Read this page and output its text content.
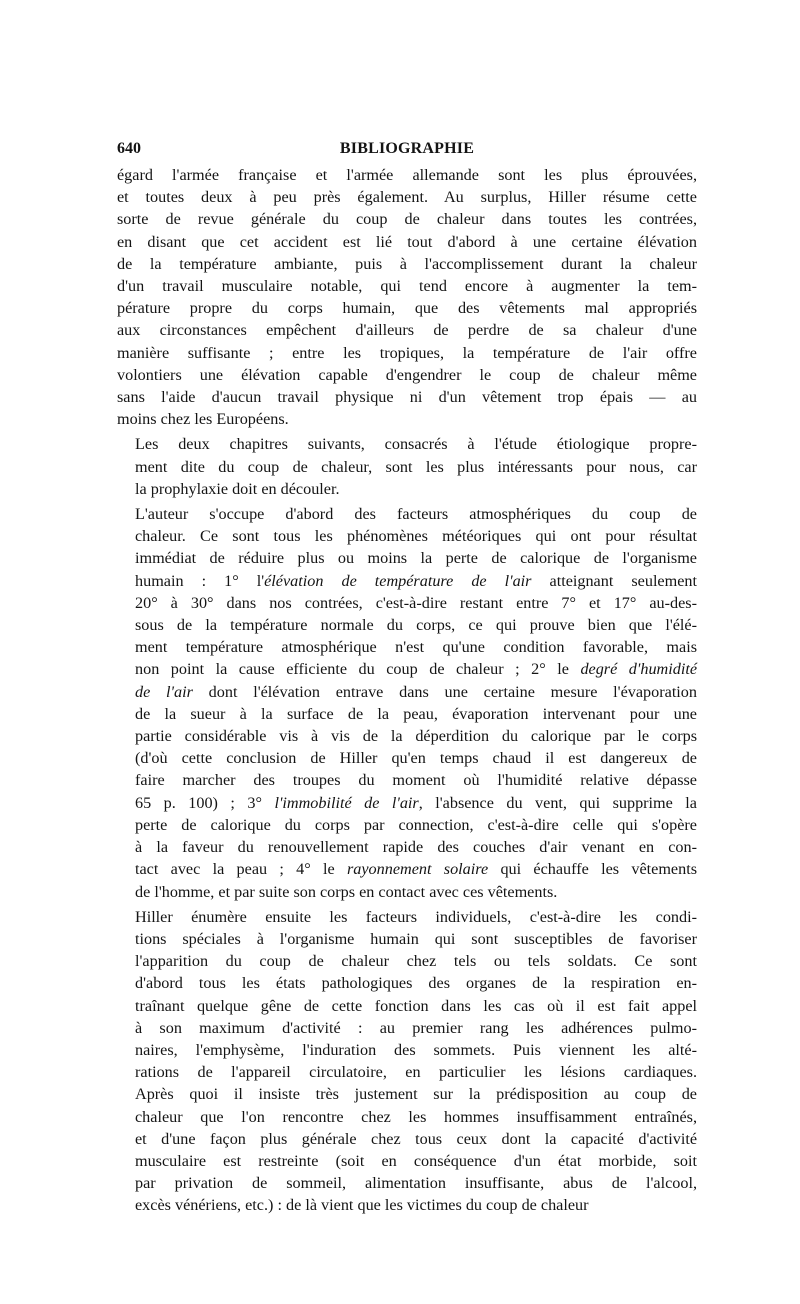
640	BIBLIOGRAPHIE

égard l'armée française et l'armée allemande sont les plus éprouvées,
et toutes deux à peu près également. Au surplus, Hiller résume cette
sorte de revue générale du coup de chaleur dans toutes les contrées,
en disant que cet accident est lié tout d'abord à une certaine élévation
de la température ambiante, puis à l'accomplissement durant la chaleur
d'un travail musculaire notable, qui tend encore à augmenter la tem-
pérature propre du corps humain, que des vêtements mal appropriés
aux circonstances empêchent d'ailleurs de perdre de sa chaleur d'une
manière suffisante ; entre les tropiques, la température de l'air offre
volontiers une élévation capable d'engendrer le coup de chaleur même
sans l'aide d'aucun travail physique ni d'un vêtement trop épais — au
moins chez les Européens.

Les deux chapitres suivants, consacrés à l'étude étiologique propre-
ment dite du coup de chaleur, sont les plus intéressants pour nous, car
la prophylaxie doit en découler.

L'auteur s'occupe d'abord des facteurs atmosphériques du coup de
chaleur. Ce sont tous les phénomènes météoriques qui ont pour résultat
immédiat de réduire plus ou moins la perte de calorique de l'organisme
humain : 1° l'élévation de température de l'air atteignant seulement
20° à 30° dans nos contrées, c'est-à-dire restant entre 7° et 17° au-des-
sous de la température normale du corps, ce qui prouve bien que l'élé-
ment température atmosphérique n'est qu'une condition favorable, mais
non point la cause efficiente du coup de chaleur ; 2° le degré d'humidité
de l'air dont l'élévation entrave dans une certaine mesure l'évaporation
de la sueur à la surface de la peau, évaporation intervenant pour une
partie considérable vis à vis de la déperdition du calorique par le corps
(d'où cette conclusion de Hiller qu'en temps chaud il est dangereux de
faire marcher des troupes du moment où l'humidité relative dépasse
65 p. 100) ; 3° l'immobilité de l'air, l'absence du vent, qui supprime la
perte de calorique du corps par connection, c'est-à-dire celle qui s'opère
à la faveur du renouvellement rapide des couches d'air venant en con-
tact avec la peau ; 4° le rayonnement solaire qui échauffe les vêtements
de l'homme, et par suite son corps en contact avec ces vêtements.

Hiller énumère ensuite les facteurs individuels, c'est-à-dire les condi-
tions spéciales à l'organisme humain qui sont susceptibles de favoriser
l'apparition du coup de chaleur chez tels ou tels soldats. Ce sont
d'abord tous les états pathologiques des organes de la respiration en-
traînant quelque gêne de cette fonction dans les cas où il est fait appel
à son maximum d'activité : au premier rang les adhérences pulmo-
naires, l'emphysème, l'induration des sommets. Puis viennent les alté-
rations de l'appareil circulatoire, en particulier les lésions cardiaques.
Après quoi il insiste très justement sur la prédisposition au coup de
chaleur que l'on rencontre chez les hommes insuffisamment entraînés,
et d'une façon plus générale chez tous ceux dont la capacité d'activité
musculaire est restreinte (soit en conséquence d'un état morbide, soit
par privation de sommeil, alimentation insuffisante, abus de l'alcool,
excès vénériens, etc.) : de là vient que les victimes du coup de chaleur
